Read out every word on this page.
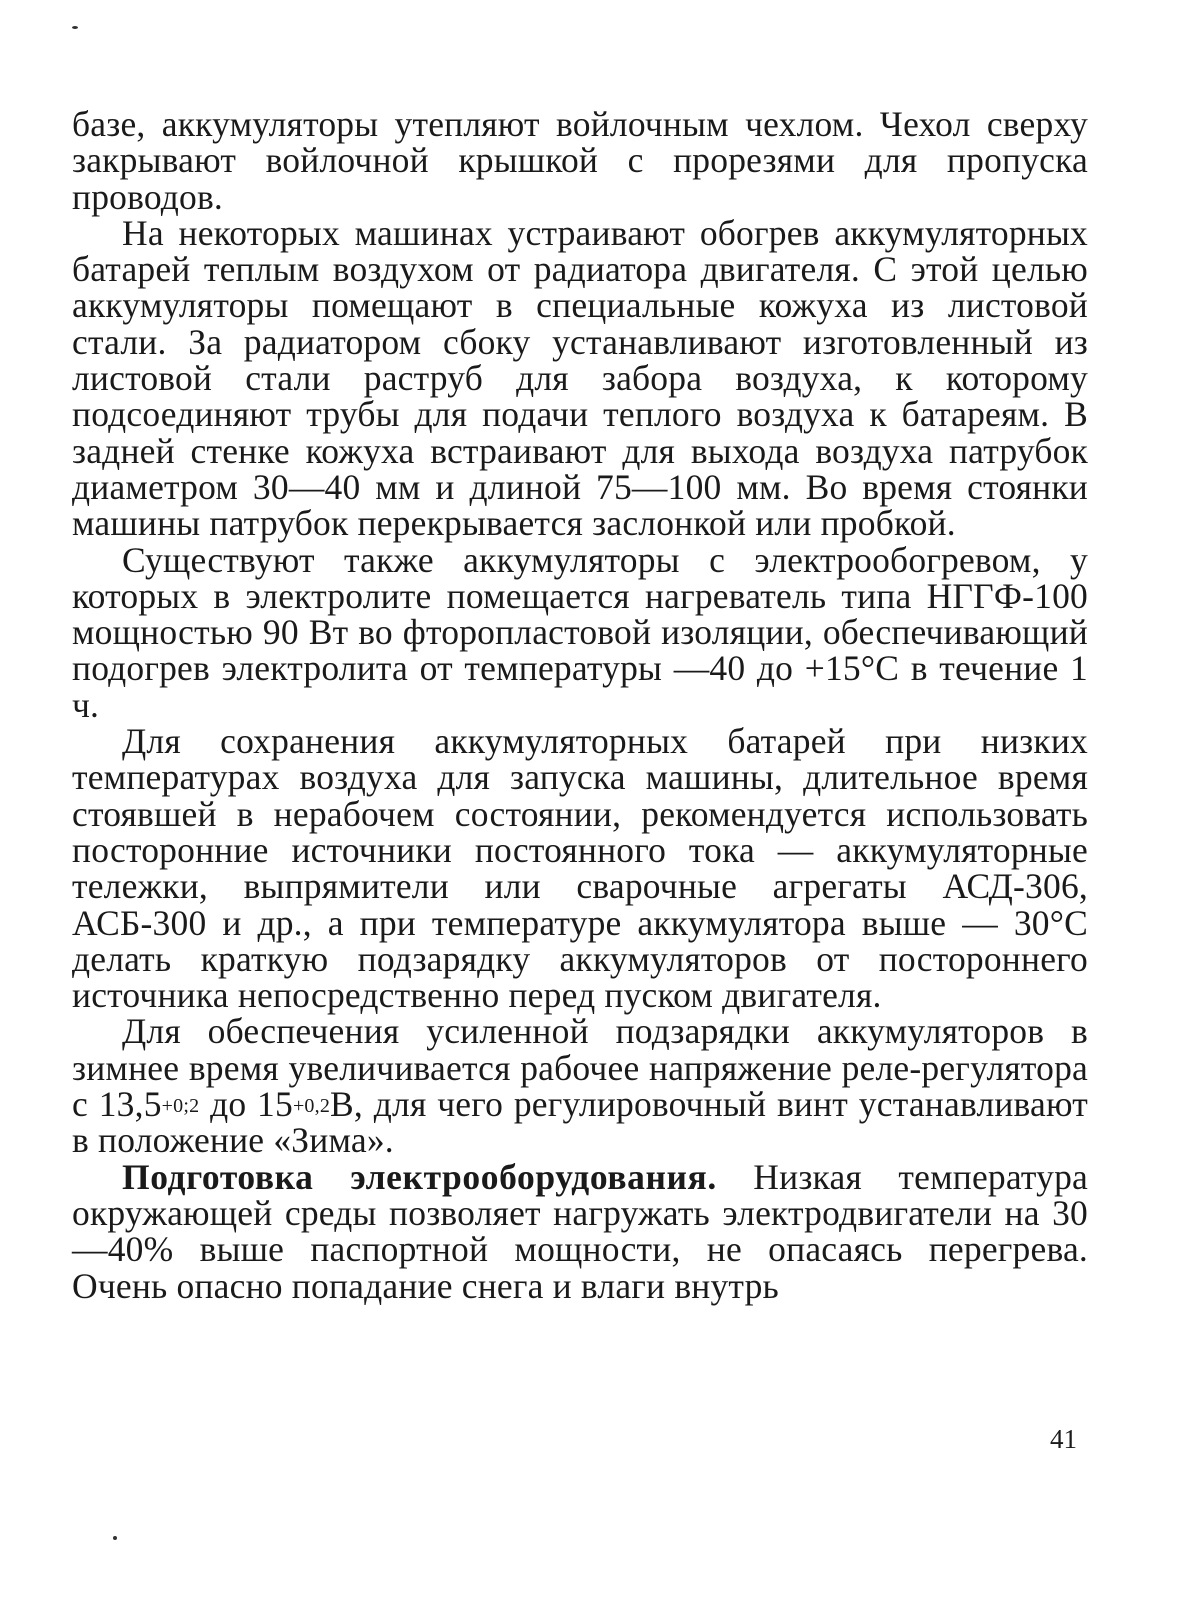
базе, аккумуляторы утепляют войлочным чехлом. Чехол сверху закрывают войлочной крышкой с прорезями для пропуска проводов.

На некоторых машинах устраивают обогрев аккумуляторных батарей теплым воздухом от радиатора двигателя. С этой целью аккумуляторы помещают в специальные кожуха из листовой стали. За радиатором сбоку устанавливают изготовленный из листовой стали раструб для забора воздуха, к которому подсоединяют трубы для подачи теплого воздуха к батареям. В задней стенке кожуха встраивают для выхода воздуха патрубок диаметром 30—40 мм и длиной 75—100 мм. Во время стоянки машины патрубок перекрывается заслонкой или пробкой.

Существуют также аккумуляторы с электрообогревом, у которых в электролите помещается нагреватель типа НГГФ-100 мощностью 90 Вт во фторопластовой изоляции, обеспечивающий подогрев электролита от температуры —40 до +15°С в течение 1 ч.

Для сохранения аккумуляторных батарей при низких температурах воздуха для запуска машины, длительное время стоявшей в нерабочем состоянии, рекомендуется использовать посторонние источники постоянного тока — аккумуляторные тележки, выпрямители или сварочные агрегаты АСД-306, АСБ-300 и др., а при температуре аккумулятора выше — 30°С делать краткую подзарядку аккумуляторов от постороннего источника непосредственно перед пуском двигателя.

Для обеспечения усиленной подзарядки аккумуляторов в зимнее время увеличивается рабочее напряжение реле-регулятора с $13,5^{+0;2}$ до $15^{+0,2}В$, для чего регулировочный винт устанавливают в положение «Зима».

Подготовка электрооборудования. Низкая температура окружающей среды позволяет нагружать электродвигатели на 30—40% выше паспортной мощности, не опасаясь перегрева. Очень опасно попадание снега и влаги внутрь

41
